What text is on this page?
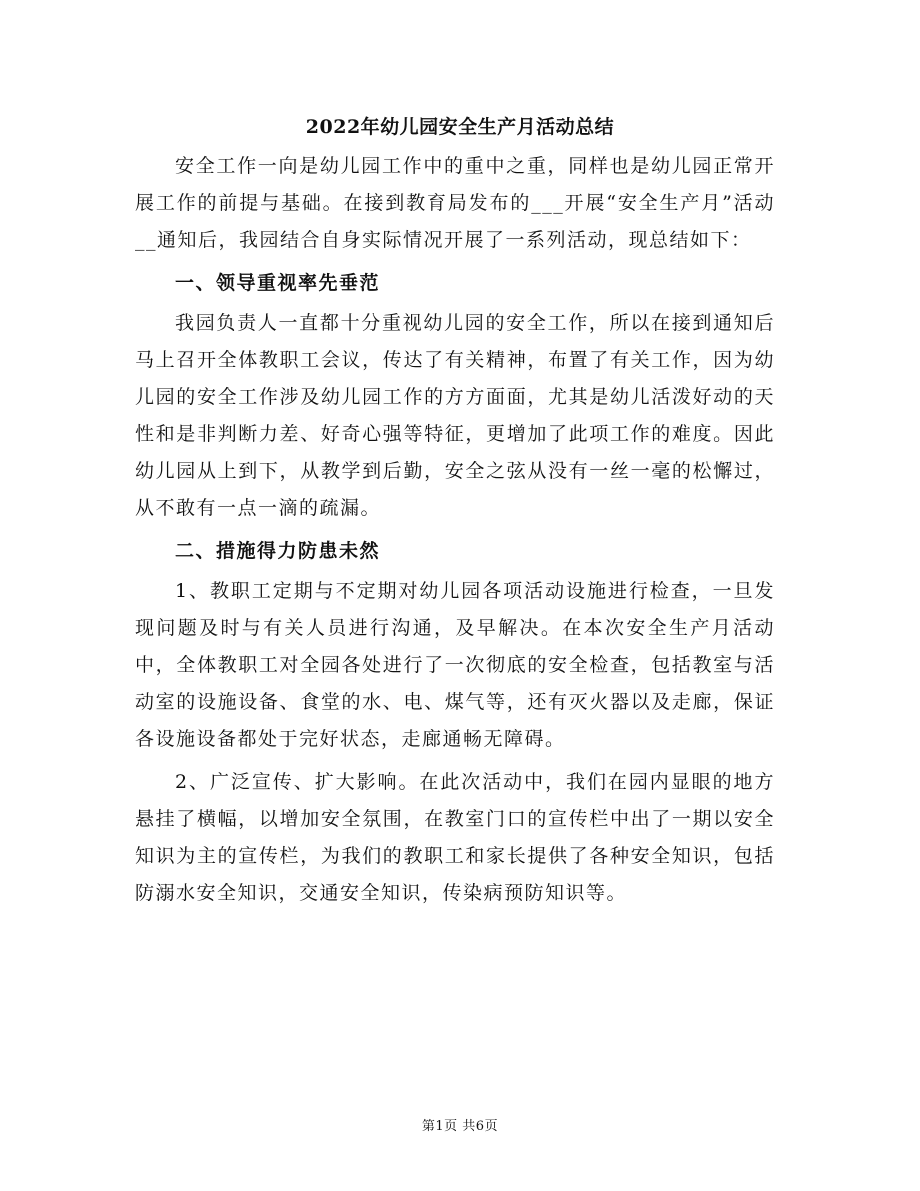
2022年幼儿园安全生产月活动总结

安全工作一向是幼儿园工作中的重中之重，同样也是幼儿园正常开展工作的前提与基础。在接到教育局发布的___开展“安全生产月”活动__通知后，我园结合自身实际情况开展了一系列活动，现总结如下：

一、领导重视率先垂范

我园负责人一直都十分重视幼儿园的安全工作，所以在接到通知后马上召开全体教职工会议，传达了有关精神，布置了有关工作，因为幼儿园的安全工作涉及幼儿园工作的方方面面，尤其是幼儿活泼好动的天性和是非判断力差、好奇心强等特征，更增加了此项工作的难度。因此幼儿园从上到下，从教学到后勤，安全之弦从没有一丝一毫的松懈过，从不敢有一点一滴的疏漏。

二、措施得力防患未然

1、教职工定期与不定期对幼儿园各项活动设施进行检查，一旦发现问题及时与有关人员进行沟通，及早解决。在本次安全生产月活动中，全体教职工对全园各处进行了一次彻底的安全检查，包括教室与活动室的设施设备、食堂的水、电、煤气等，还有灭火器以及走廊，保证各设施设备都处于完好状态，走廊通畅无障碍。

2、广泛宣传、扩大影响。在此次活动中，我们在园内显眼的地方悬挂了横幅，以增加安全氛围，在教室门口的宣传栏中出了一期以安全知识为主的宣传栏，为我们的教职工和家长提供了各种安全知识，包括防溺水安全知识，交通安全知识，传染病预防知识等。

第1页 共6页
